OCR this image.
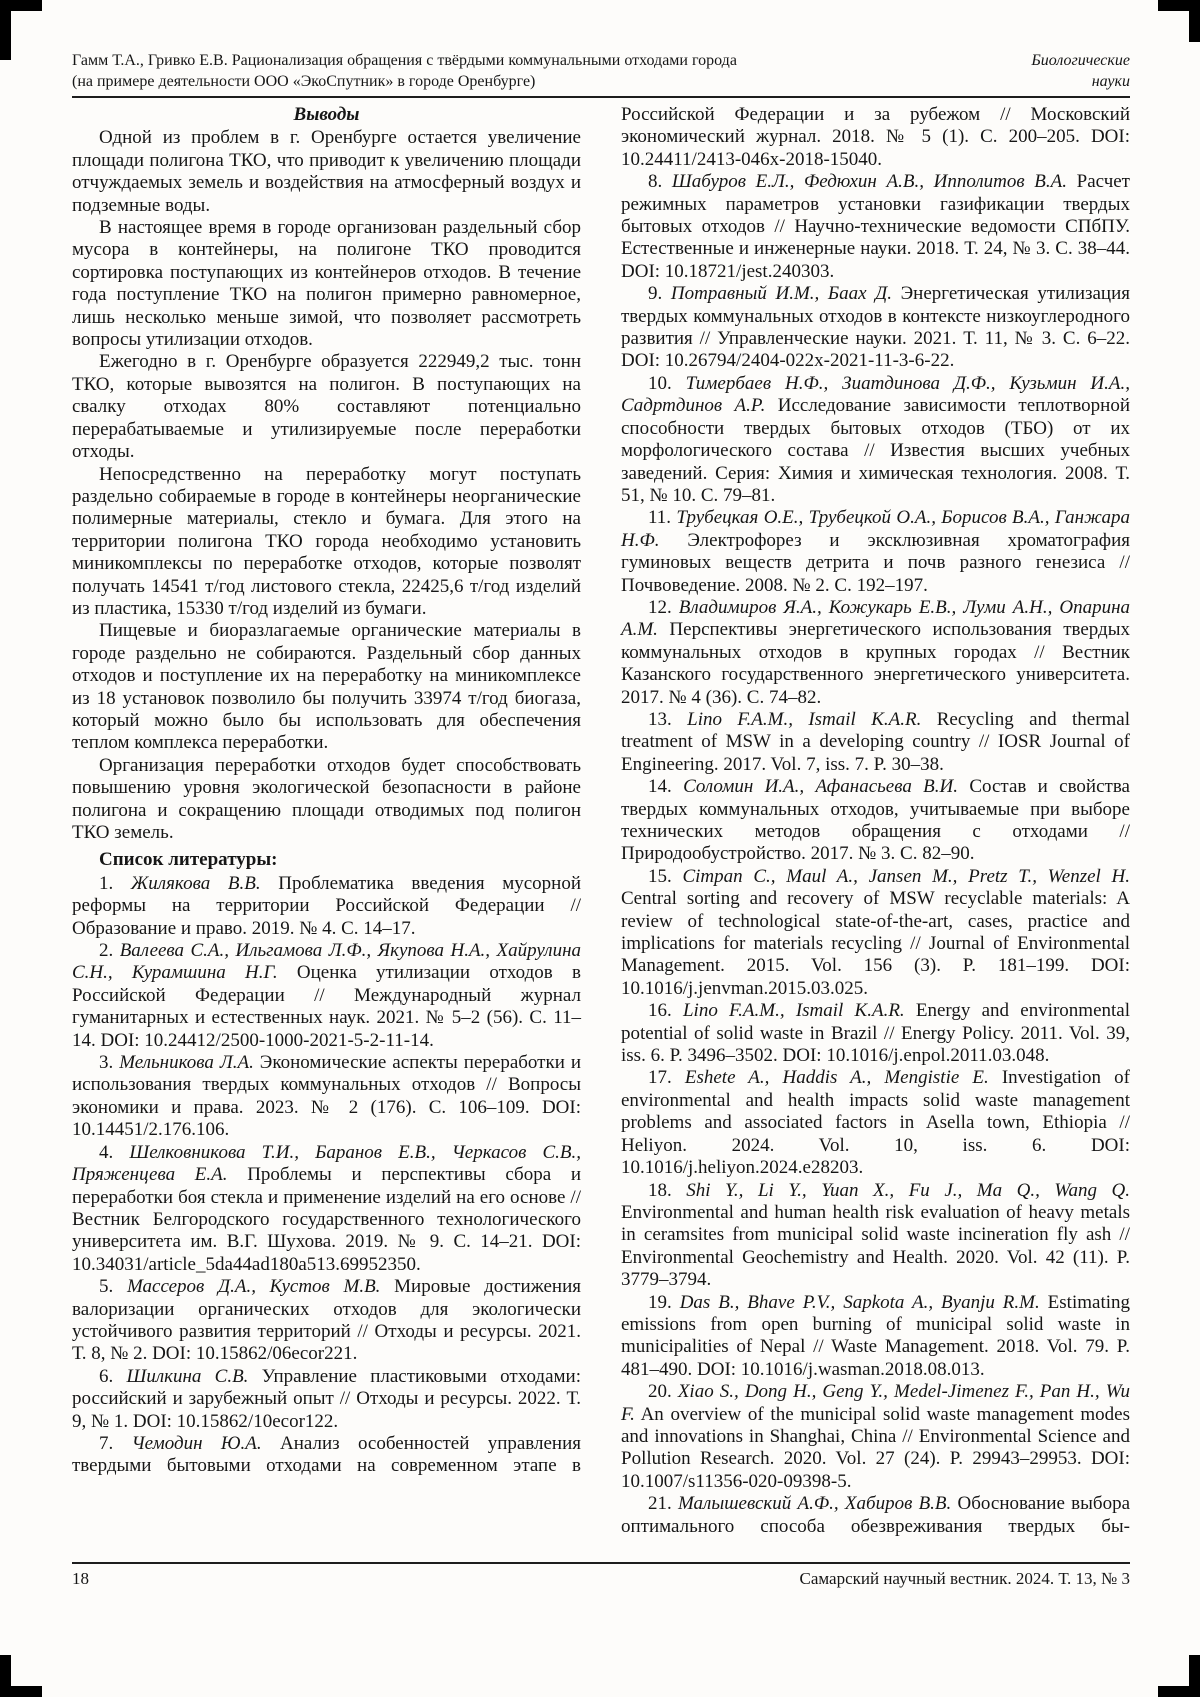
Гамм Т.А., Гривко Е.В. Рационализация обращения с твёрдыми коммунальными отходами города	Биологические
(на примере деятельности ООО «ЭкоСпутник» в городе Оренбурге)	науки
Выводы

Одной из проблем в г. Оренбурге остается увеличение площади полигона ТКО, что приводит к увеличению площади отчуждаемых земель и воздействия на атмосферный воздух и подземные воды.

В настоящее время в городе организован раздельный сбор мусора в контейнеры, на полигоне ТКО проводится сортировка поступающих из контейнеров отходов. В течение года поступление ТКО на полигон примерно равномерное, лишь несколько меньше зимой, что позволяет рассмотреть вопросы утилизации отходов.

Ежегодно в г. Оренбурге образуется 222949,2 тыс. тонн ТКО, которые вывозятся на полигон. В поступающих на свалку отходах 80% составляют потенциально перерабатываемые и утилизируемые после переработки отходы.

Непосредственно на переработку могут поступать раздельно собираемые в городе в контейнеры неорганические полимерные материалы, стекло и бумага. Для этого на территории полигона ТКО города необходимо установить миникомплексы по переработке отходов, которые позволят получать 14541 т/год листового стекла, 22425,6 т/год изделий из пластика, 15330 т/год изделий из бумаги.

Пищевые и биоразлагаемые органические материалы в городе раздельно не собираются. Раздельный сбор данных отходов и поступление их на переработку на миникомплексе из 18 установок позволило бы получить 33974 т/год биогаза, который можно было бы использовать для обеспечения теплом комплекса переработки.

Организация переработки отходов будет способствовать повышению уровня экологической безопасности в районе полигона и сокращению площади отводимых под полигон ТКО земель.

Список литературы:

1. Жилякова В.В. Проблематика введения мусорной реформы на территории Российской Федерации // Образование и право. 2019. № 4. С. 14–17.

2. Валеева С.А., Ильгамова Л.Ф., Якупова Н.А., Хайрулина С.Н., Курамшина Н.Г. Оценка утилизации отходов в Российской Федерации // Международный журнал гуманитарных и естественных наук. 2021. № 5–2 (56). С. 11–14. DOI: 10.24412/2500-1000-2021-5-2-11-14.

3. Мельникова Л.А. Экономические аспекты переработки и использования твердых коммунальных отходов // Вопросы экономики и права. 2023. № 2 (176). С. 106–109. DOI: 10.14451/2.176.106.

4. Шелковникова Т.И., Баранов Е.В., Черкасов С.В., Пряженцева Е.А. Проблемы и перспективы сбора и переработки боя стекла и применение изделий на его основе // Вестник Белгородского государственного технологического университета им. В.Г. Шухова. 2019. № 9. С. 14–21. DOI: 10.34031/article_5da44ad180a513.69952350.

5. Массеров Д.А., Кустов М.В. Мировые достижения валоризации органических отходов для экологически устойчивого развития территорий // Отходы и ресурсы. 2021. Т. 8, № 2. DOI: 10.15862/06ecor221.

6. Шилкина С.В. Управление пластиковыми отходами: российский и зарубежный опыт // Отходы и ресурсы. 2022. Т. 9, № 1. DOI: 10.15862/10ecor122.

7. Чемодин Ю.А. Анализ особенностей управления твердыми бытовыми отходами на современном этапе в

Российской Федерации и за рубежом // Московский экономический журнал. 2018. № 5 (1). С. 200–205. DOI: 10.24411/2413-046x-2018-15040.

8. Шабуров Е.Л., Федюхин А.В., Ипполитов В.А. Расчет режимных параметров установки газификации твердых бытовых отходов // Научно-технические ведомости СПбПУ. Естественные и инженерные науки. 2018. Т. 24, № 3. С. 38–44. DOI: 10.18721/jest.240303.

9. Потравный И.М., Баах Д. Энергетическая утилизация твердых коммунальных отходов в контексте низкоуглеродного развития // Управленческие науки. 2021. Т. 11, № 3. С. 6–22. DOI: 10.26794/2404-022x-2021-11-3-6-22.

10. Тимербаев Н.Ф., Зиатдинова Д.Ф., Кузьмин И.А., Садртдинов А.Р. Исследование зависимости теплотворной способности твердых бытовых отходов (ТБО) от их морфологического состава // Известия высших учебных заведений. Серия: Химия и химическая технология. 2008. Т. 51, № 10. С. 79–81.

11. Трубецкая О.Е., Трубецкой О.А., Борисов В.А., Ганжара Н.Ф. Электрофорез и эксклюзивная хроматография гуминовых веществ детрита и почв разного генезиса // Почвоведение. 2008. № 2. С. 192–197.

12. Владимиров Я.А., Кожукарь Е.В., Луми А.Н., Опарина А.М. Перспективы энергетического использования твердых коммунальных отходов в крупных городах // Вестник Казанского государственного энергетического университета. 2017. № 4 (36). С. 74–82.

13. Lino F.A.M., Ismail K.A.R. Recycling and thermal treatment of MSW in a developing country // IOSR Journal of Engineering. 2017. Vol. 7, iss. 7. P. 30–38.

14. Соломин И.А., Афанасьева В.И. Состав и свойства твердых коммунальных отходов, учитываемые при выборе технических методов обращения с отходами // Природообустройство. 2017. № 3. С. 82–90.

15. Cimpan C., Maul A., Jansen M., Pretz T., Wenzel H. Central sorting and recovery of MSW recyclable materials: A review of technological state-of-the-art, cases, practice and implications for materials recycling // Journal of Environmental Management. 2015. Vol. 156 (3). P. 181–199. DOI: 10.1016/j.jenvman.2015.03.025.

16. Lino F.A.M., Ismail K.A.R. Energy and environmental potential of solid waste in Brazil // Energy Policy. 2011. Vol. 39, iss. 6. P. 3496–3502. DOI: 10.1016/j.enpol.2011.03.048.

17. Eshete A., Haddis A., Mengistie E. Investigation of environmental and health impacts solid waste management problems and associated factors in Asella town, Ethiopia // Heliyon. 2024. Vol. 10, iss. 6. DOI: 10.1016/j.heliyon.2024.e28203.

18. Shi Y., Li Y., Yuan X., Fu J., Ma Q., Wang Q. Environmental and human health risk evaluation of heavy metals in ceramsites from municipal solid waste incineration fly ash // Environmental Geochemistry and Health. 2020. Vol. 42 (11). P. 3779–3794.

19. Das B., Bhave P.V., Sapkota A., Byanju R.M. Estimating emissions from open burning of municipal solid waste in municipalities of Nepal // Waste Management. 2018. Vol. 79. P. 481–490. DOI: 10.1016/j.wasman.2018.08.013.

20. Xiao S., Dong H., Geng Y., Medel-Jimenez F., Pan H., Wu F. An overview of the municipal solid waste management modes and innovations in Shanghai, China // Environmental Science and Pollution Research. 2020. Vol. 27 (24). P. 29943–29953. DOI: 10.1007/s11356-020-09398-5.

21. Малышевский А.Ф., Хабиров В.В. Обоснование выбора оптимального способа обезвреживания твердых бы-

18	Самарский научный вестник. 2024. Т. 13, № 3
